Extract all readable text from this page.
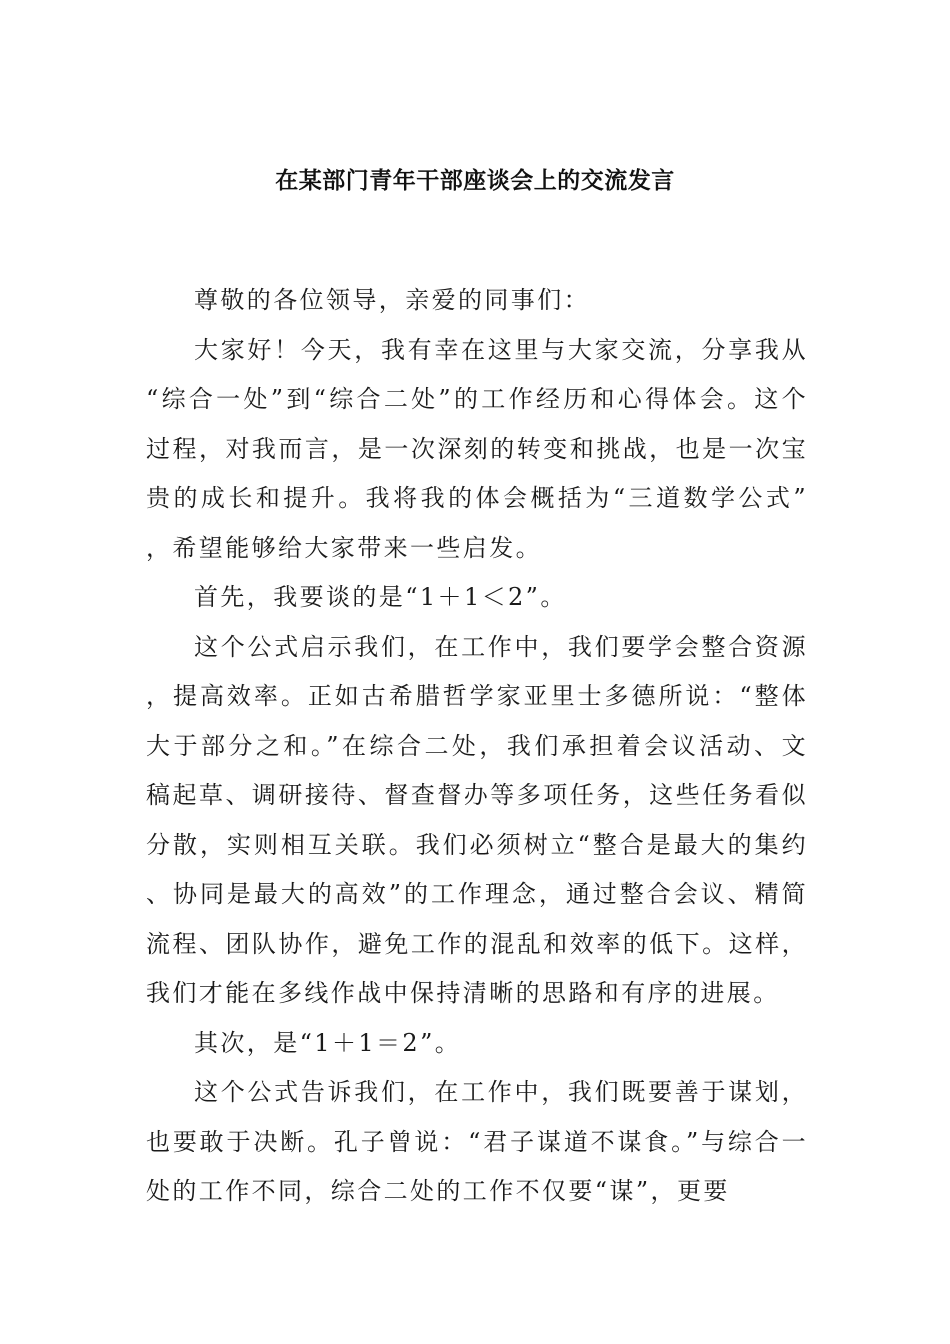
在某部门青年干部座谈会上的交流发言

尊敬的各位领导，亲爱的同事们：

大家好！今天，我有幸在这里与大家交流，分享我从“综合一处”到“综合二处”的工作经历和心得体会。这个过程，对我而言，是一次深刻的转变和挑战，也是一次宝贵的成长和提升。我将我的体会概括为“三道数学公式”，希望能够给大家带来一些启发。

首先，我要谈的是“1＋1＜2”。

这个公式启示我们，在工作中，我们要学会整合资源，提高效率。正如古希腊哲学家亚里士多德所说：“整体大于部分之和。”在综合二处，我们承担着会议活动、文稿起草、调研接待、督查督办等多项任务，这些任务看似分散，实则相互关联。我们必须树立“整合是最大的集约、协同是最大的高效”的工作理念，通过整合会议、精简流程、团队协作，避免工作的混乱和效率的低下。这样，我们才能在多线作战中保持清晰的思路和有序的进展。

其次，是“1＋1＝2”。

这个公式告诉我们，在工作中，我们既要善于谋划，也要敢于决断。孔子曾说：“君子谋道不谋食。”与综合一处的工作不同，综合二处的工作不仅要“谋”，更要
